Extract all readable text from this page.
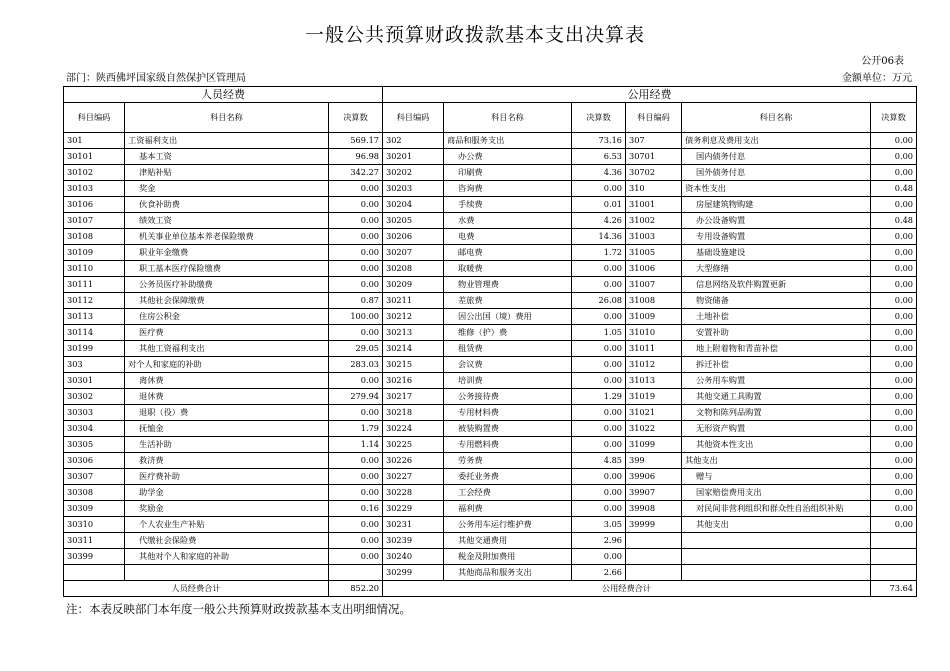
一般公共预算财政拨款基本支出决算表
公开06表
部门：陕西佛坪国家级自然保护区管理局	金额单位：万元
人员经费			公用经费					
科目编码	科目名称	决算数	科目编码	科目名称	决算数	科目编码	科目名称	决算数
301	工资福利支出	569.17	302	商品和服务支出	73.16	307	债务利息及费用支出	0.00
30101	基本工资	96.98	30201	办公费	6.53	30701	国内债务付息	0.00
30102	津贴补贴	342.27	30202	印刷费	4.36	30702	国外债务付息	0.00
30103	奖金	0.00	30203	咨询费	0.00	310	资本性支出	0.48
30106	伙食补助费	0.00	30204	手续费	0.01	31001	房屋建筑物购建	0.00
30107	绩效工资	0.00	30205	水费	4.26	31002	办公设备购置	0.48
30108	机关事业单位基本养老保险缴费	0.00	30206	电费	14.36	31003	专用设备购置	0.00
30109	职业年金缴费	0.00	30207	邮电费	1.72	31005	基础设施建设	0.00
30110	职工基本医疗保险缴费	0.00	30208	取暖费	0.00	31006	大型修缮	0.00
30111	公务员医疗补助缴费	0.00	30209	物业管理费	0.00	31007	信息网络及软件购置更新	0.00
30112	其他社会保障缴费	0.87	30211	差旅费	26.08	31008	物资储备	0.00
30113	住房公积金	100.00	30212	因公出国（境）费用	0.00	31009	土地补偿	0.00
30114	医疗费	0.00	30213	维修（护）费	1.05	31010	安置补助	0.00
30199	其他工资福利支出	29.05	30214	租赁费	0.00	31011	地上附着物和青苗补偿	0.00
303	对个人和家庭的补助	283.03	30215	会议费	0.00	31012	拆迁补偿	0.00
30301	离休费	0.00	30216	培训费	0.00	31013	公务用车购置	0.00
30302	退休费	279.94	30217	公务接待费	1.29	31019	其他交通工具购置	0.00
30303	退职（役）费	0.00	30218	专用材料费	0.00	31021	文物和陈列品购置	0.00
30304	抚恤金	1.79	30224	被装购置费	0.00	31022	无形资产购置	0.00
30305	生活补助	1.14	30225	专用燃料费	0.00	31099	其他资本性支出	0.00
30306	救济费	0.00	30226	劳务费	4.85	399	其他支出	0.00
30307	医疗费补助	0.00	30227	委托业务费	0.00	39906	赠与	0.00
30308	助学金	0.00	30228	工会经费	0.00	39907	国家赔偿费用支出	0.00
30309	奖励金	0.16	30229	福利费	0.00	39908	对民间非营利组织和群众性自治组织补贴	0.00
30310	个人农业生产补贴	0.00	30231	公务用车运行维护费	3.05	39999	其他支出	0.00
30311	代缴社会保险费	0.00	30239	其他交通费用	2.96			
30399	其他对个人和家庭的补助	0.00	30240	税金及附加费用	0.00			
			30299	其他商品和服务支出	2.66			
人员经费合计		852.20	公用经费合计					73.64
注：本表反映部门本年度一般公共预算财政拨款基本支出明细情况。
